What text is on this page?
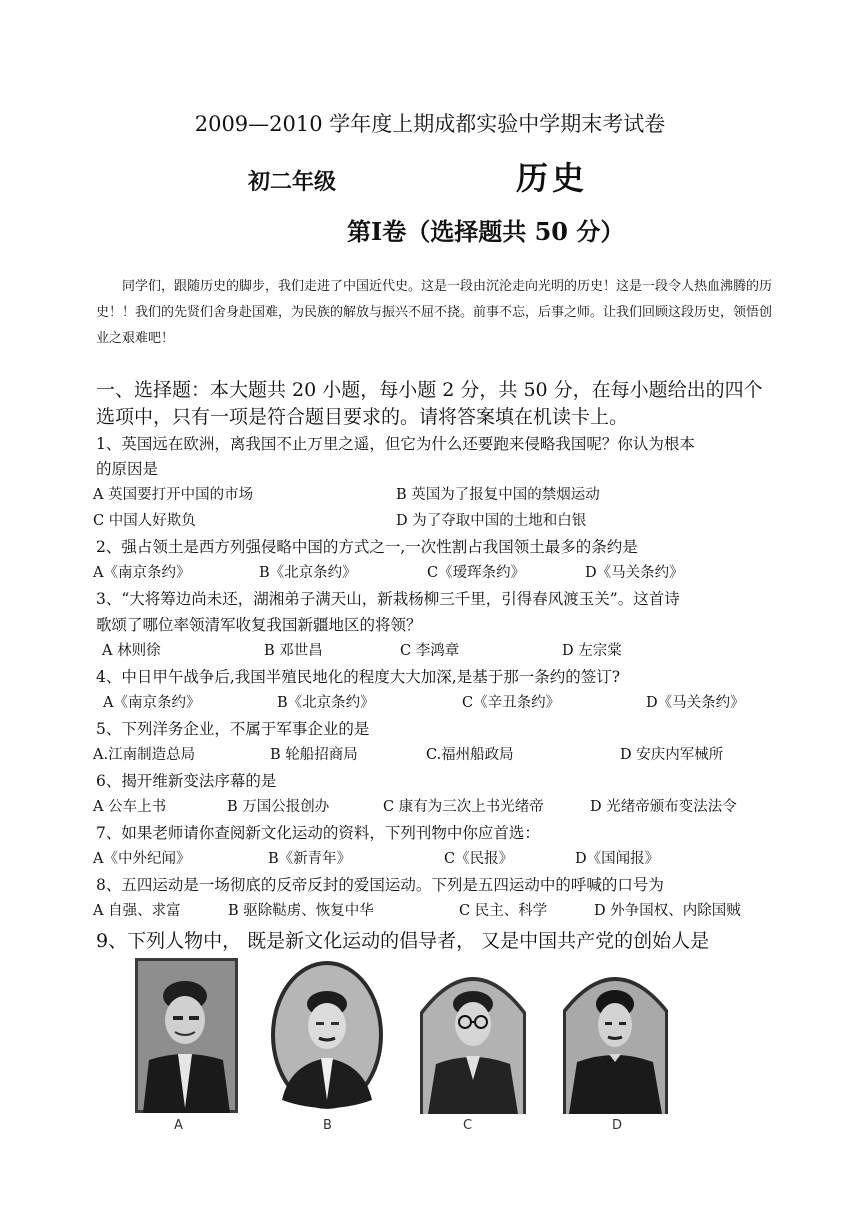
2009—2010 学年度上期成都实验中学期末考试卷
初二年级	历史
第Ⅰ卷（选择题共 50 分）
同学们，跟随历史的脚步，我们走进了中国近代史。这是一段由沉沦走向光明的历史！这是一段令人热血沸腾的历史！！我们的先贤们舍身赴国难，为民族的解放与振兴不屈不挠。前事不忘，后事之师。让我们回顾这段历史，领悟创业之艰难吧！
一、选择题：本大题共 20 小题，每小题 2 分，共 50 分，在每小题给出的四个
选项中，只有一项是符合题目要求的。请将答案填在机读卡上。
1、英国远在欧洲，离我国不止万里之遥，但它为什么还要跑来侵略我国呢？你认为根本
的原因是
A 英国要打开中国的市场	B 英国为了报复中国的禁烟运动
C 中国人好欺负	D 为了夺取中国的土地和白银
2、强占领土是西方列强侵略中国的方式之一,一次性割占我国领土最多的条约是
A《南京条约》	B《北京条约》	C《瑷珲条约》	D《马关条约》
3、“大将筹边尚未还，湖湘弟子满天山，新栽杨柳三千里，引得春风渡玉关”。这首诗
歌颂了哪位率领清军收复我国新疆地区的将领？
A 林则徐	B 邓世昌	C 李鸿章	D 左宗棠
4、中日甲午战争后,我国半殖民地化的程度大大加深,是基于那一条约的签订?
A《南京条约》	B《北京条约》	C《辛丑条约》	D《马关条约》
5、下列洋务企业，不属于军事企业的是
A.江南制造总局	B 轮船招商局	C.福州船政局	D 安庆内军械所
6、揭开维新变法序幕的是
A 公车上书	B 万国公报创办	C 康有为三次上书光绪帝	D 光绪帝颁布变法法令
7、如果老师请你查阅新文化运动的资料，下列刊物中你应首选：
A《中外纪闻》	B《新青年》	C《民报》	D《国闻报》
8、五四运动是一场彻底的反帝反封的爱国运动。下列是五四运动中的呼喊的口号为
A 自强、求富	B 驱除鞑虏、恢复中华	C 民主、科学	D 外争国权、内除国贼
9、下列人物中， 既是新文化运动的倡导者， 又是中国共产党的创始人是
A	B	C	D
